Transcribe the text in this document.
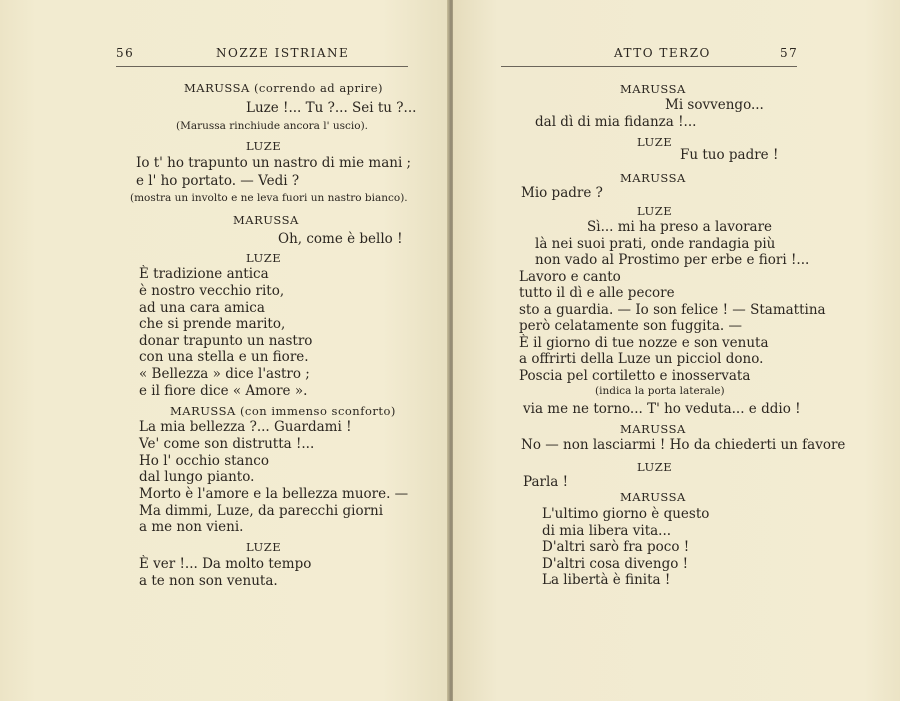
56	NOZZE ISTRIANE
MARUSSA (correndo ad aprire)
Luze !... Tu ?... Sei tu ?...
(Marussa rinchiude ancora l' uscio).
LUZE
Io t' ho trapunto un nastro di mie mani ;
e l' ho portato. — Vedi ?
(mostra un involto e ne leva fuori un nastro bianco).
MARUSSA
Oh, come è bello !
LUZE
È tradizione antica
è nostro vecchio rito,
ad una cara amica
che si prende marito,
donar trapunto un nastro
con una stella e un fiore.
« Bellezza » dice l'astro ;
e il fiore dice « Amore ».
MARUSSA (con immenso sconforto)
La mia bellezza ?... Guardami !
Ve' come son distrutta !...
Ho l' occhio stanco
dal lungo pianto.
Morto è l'amore e la bellezza muore. —
Ma dimmi, Luze, da parecchi giorni
a me non vieni.
LUZE
È ver !... Da molto tempo
a te non son venuta.
ATTO TERZO	57
MARUSSA
Mi sovvengo...
dal dì di mia fidanza !...
LUZE
Fu tuo padre !
MARUSSA
Mio padre ?
LUZE
Sì... mi ha preso a lavorare
là nei suoi prati, onde randagia più
non vado al Prostimo per erbe e fiori !...
Lavoro e canto
tutto il dì e alle pecore
sto a guardia. — Io son felice ! — Stamattina
però celatamente son fuggita. —
È il giorno di tue nozze e son venuta
a offrirti della Luze un picciol dono.
Poscia pel cortiletto e inosservata
(indica la porta laterale)
via me ne torno... T' ho veduta... e ddio !
MARUSSA
No — non lasciarmi ! Ho da chiederti un favore
LUZE
Parla !
MARUSSA
L'ultimo giorno è questo
di mia libera vita...
D'altri sarò fra poco !
D'altri cosa divengo !
La libertà è finita !
